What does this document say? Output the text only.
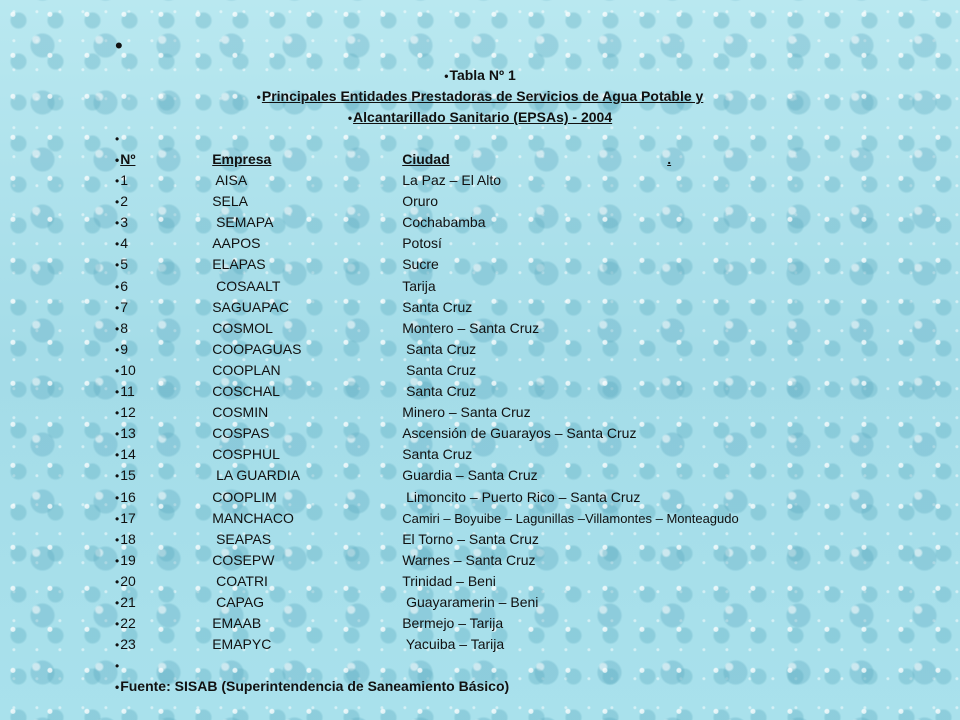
•
•Tabla Nº 1
•Principales Entidades Prestadoras de Servicios de Agua Potable y
•Alcantarillado Sanitario (EPSAs) - 2004
•
•Nº	Empresa	Ciudad	.
•1	AISA	La Paz – El Alto
•2	SELA	Oruro
•3	SEMAPA	Cochabamba
•4	AAPOS	Potosí
•5	ELAPAS	Sucre
•6	COSAALT	Tarija
•7	SAGUAPAC	Santa Cruz
•8	COSMOL	Montero – Santa Cruz
•9	COOPAGUAS	Santa Cruz
•10	COOPLAN	Santa Cruz
•11	COSCHAL	Santa Cruz
•12	COSMIN	Minero – Santa Cruz
•13	COSPAS	Ascensión de Guarayos – Santa Cruz
•14	COSPHUL	Santa Cruz
•15	LA GUARDIA	Guardia – Santa Cruz
•16	COOPLIM	Limoncito – Puerto Rico – Santa Cruz
•17	MANCHACO	Camiri – Boyuibe – Lagunillas –Villamontes – Monteagudo
•18	SEAPAS	El Torno – Santa Cruz
•19	COSEPW	Warnes – Santa Cruz
•20	COATRI	Trinidad – Beni
•21	CAPAG	Guayaramerin – Beni
•22	EMAAB	Bermejo – Tarija
•23	EMAPYC	Yacuiba – Tarija
•
•Fuente: SISAB (Superintendencia de Saneamiento Básico)
